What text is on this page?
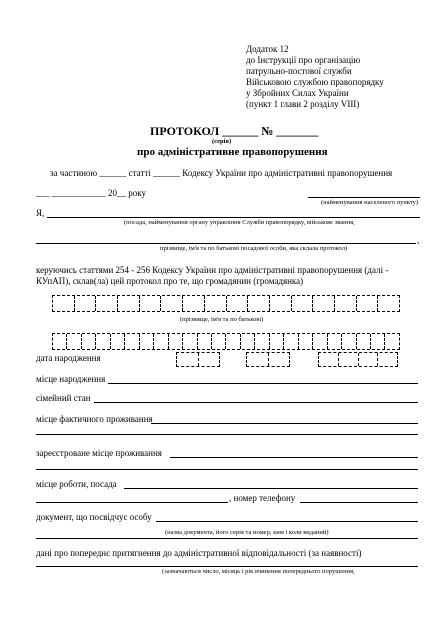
Додаток 12
до Інструкції про організацію
патрульно-постової служби
Військовою службою правопорядку
у Збройних Силах України
(пункт 1 глави 2 розділу VIII)
ПРОТОКОЛ ______ № _______
(серія)
про адміністративне правопорушення
за частиною ______ статті ______ Кодексу України про адміністративні правопорушення
___ ____________ 20__ року
(найменування населеного пункту)
Я,
(посада, найменування органу управління Служби правопорядку, військове звання,
,
прізвище, ім'я та по батькові посадової особи, яка склала протокол)
керуючись статтями 254 - 256 Кодексу України про адміністративні правопорушення (далі -
КУпАП), склав(ла) цей протокол про те, що громадянин (громадянка)
(прізвище, ім'я та по батькові)
дата народження
місце народження
сімейний стан
місце фактичного проживання
зареєстроване місце проживання
місце роботи, посада
, номер телефону
документ, що посвідчує особу
(назва документа, його серія та номер, ким і коли виданий)
дані про попереднє притягнення до адміністративної відповідальності (за наявності)
(зазначаються число, місяць і рік вчинення попереднього порушення,
